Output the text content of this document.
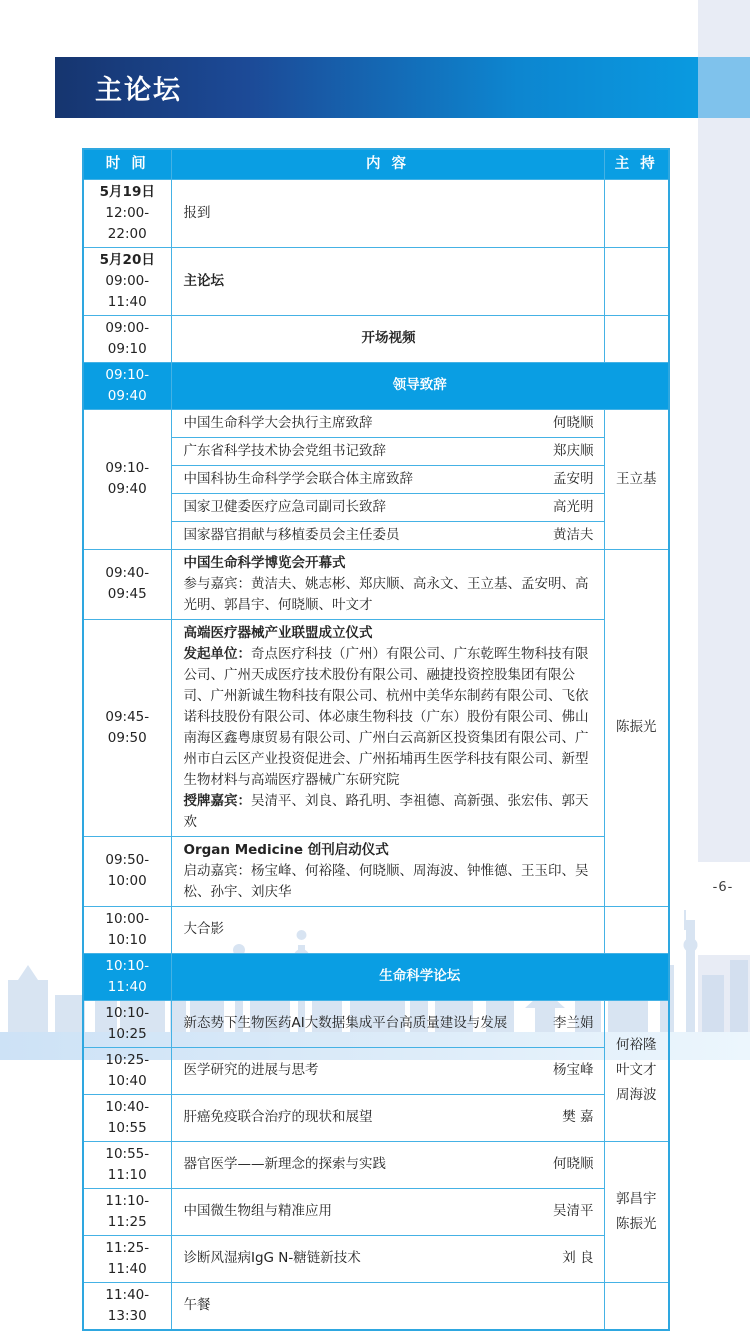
-6-
主论坛
时 间	内 容	主 持

5月19日
12:00-22:00	报到	

5月20日
09:00-11:40	主论坛	
09:00-09:10	开场视频	
09:10-09:40	领导致辞	
09:10-09:40	中国生命科学大会执行主席致辞 何晓顺	王立基

	广东省科学技术协会党组书记致辞 郑庆顺	

	中国科协生命科学学会联合体主席致辞 孟安明	

	国家卫健委医疗应急司副司长致辞 高光明	

	国家器官捐献与移植委员会主任委员 黄洁夫	

09:40-09:45	中国生命科学博览会开幕式
参与嘉宾：黄洁夫、姚志彬、郑庆顺、高永文、王立基、孟安明、高光明、郭昌宇、何晓顺、叶文才	陈振光
09:45-09:50	高端医疗器械产业联盟成立仪式
发起单位：奇点医疗科技（广州）有限公司、广东乾晖生物科技有限公司、广州天成医疗技术股份有限公司、融捷投资控股集团有限公司、广州新诚生物科技有限公司、杭州中美华东制药有限公司、飞依诺科技股份有限公司、体必康生物科技（广东）股份有限公司、佛山南海区鑫粤康贸易有限公司、广州白云高新区投资集团有限公司、广州市白云区产业投资促进会、广州拓埔再生医学科技有限公司、新型生物材料与高端医疗器械广东研究院
授牌嘉宾：吴清平、刘良、路孔明、李祖德、高新强、张宏伟、郭天欢	
09:50-10:00	Organ Medicine 创刊启动仪式
启动嘉宾：杨宝峰、何裕隆、何晓顺、周海波、钟惟德、王玉印、吴松、孙宇、刘庆华	
10:00-10:10	大合影	
10:10-11:40	生命科学论坛	
10:10-10:25	新态势下生物医药AI大数据集成平台高质量建设与发展 李兰娟	何裕隆
叶文才
周海波
10:25-10:40	医学研究的进展与思考 杨宝峰	

10:40-10:55	肝癌免疫联合治疗的现状和展望 樊 嘉	

10:55-11:10	器官医学——新理念的探索与实践 何晓顺	郭昌宇
陈振光
11:10-11:25	中国微生物组与精准应用 吴清平	

11:25-11:40	诊断风湿病IgG N-糖链新技术 刘 良	

11:40-13:30	午餐	
